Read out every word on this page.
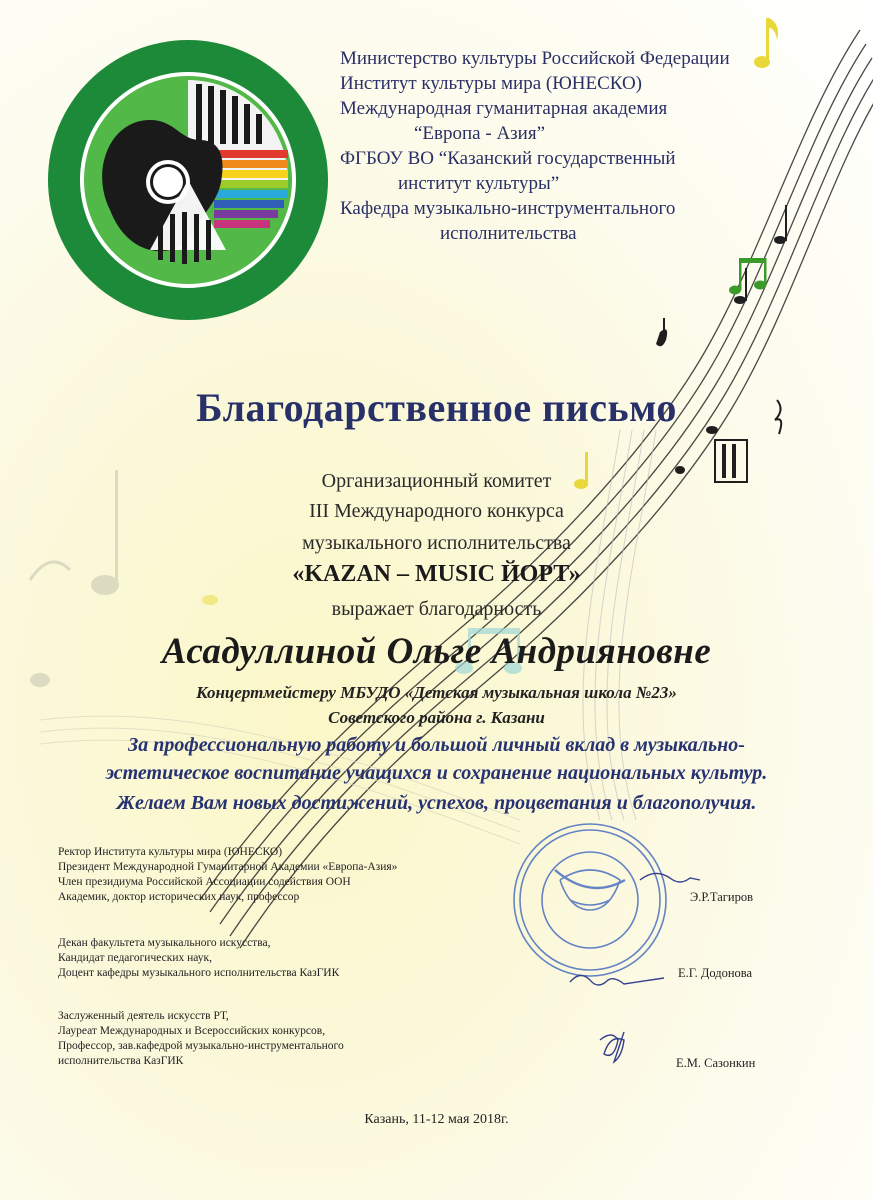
Министерство культуры Российской Федерации
Институт культуры мира (ЮНЕСКО)
Международная гуманитарная академия
“Европа - Азия”
ФГБОУ ВО “Казанский государственный
институт культуры”
Кафедра музыкально-инструментального
исполнительства
Благодарственное письмо
Организационный комитет
III Международного конкурса
музыкального исполнительства
«KAZAN – MUSIC ЙОРТ»
выражает благодарность
Асадуллиной Ольге Андрияновне
Концертмейстеру МБУДО «Детская музыкальная школа №23»
Советского района г. Казани
За профессиональную работу и большой личный вклад в музыкально-
эстетическое воспитание учащихся и сохранение национальных культур.
Желаем Вам новых достижений, успехов, процветания и благополучия.
Ректор Института культуры мира (ЮНЕСКО)
Президент Международной Гуманитарной Академии «Европа-Азия»
Член президиума Российской Ассоциации содействия ООН
Академик, доктор исторических наук, профессор	Э.Р.Тагиров
Декан факультета музыкального искусства,
Кандидат педагогических наук,
Доцент кафедры музыкального исполнительства КазГИК	Е.Г. Додонова
Заслуженный деятель искусств РТ,
Лауреат Международных и Всероссийских конкурсов,
Профессор, зав.кафедрой музыкально-инструментального
исполнительства КазГИК	Е.М. Сазонкин
Казань, 11-12 мая 2018г.
